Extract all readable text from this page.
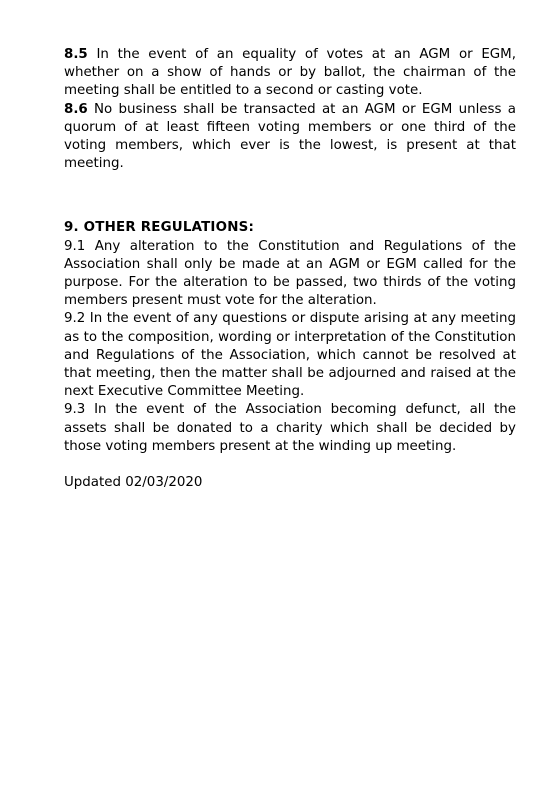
8.5 In the event of an equality of votes at an AGM or EGM, whether on a show of hands or by ballot, the chairman of the meeting shall be entitled to a second or casting vote.

8.6 No business shall be transacted at an AGM or EGM unless a quorum of at least fifteen voting members or one third of the voting members, which ever is the lowest, is present at that meeting.

9. OTHER REGULATIONS:

9.1 Any alteration to the Constitution and Regulations of the Association shall only be made at an AGM or EGM called for the purpose. For the alteration to be passed, two thirds of the voting members present must vote for the alteration.

9.2 In the event of any questions or dispute arising at any meeting as to the composition, wording or interpretation of the Constitution and Regulations of the Association, which cannot be resolved at that meeting, then the matter shall be adjourned and raised at the next Executive Committee Meeting.

9.3 In the event of the Association becoming defunct, all the assets shall be donated to a charity which shall be decided by those voting members present at the winding up meeting.

Updated 02/03/2020
